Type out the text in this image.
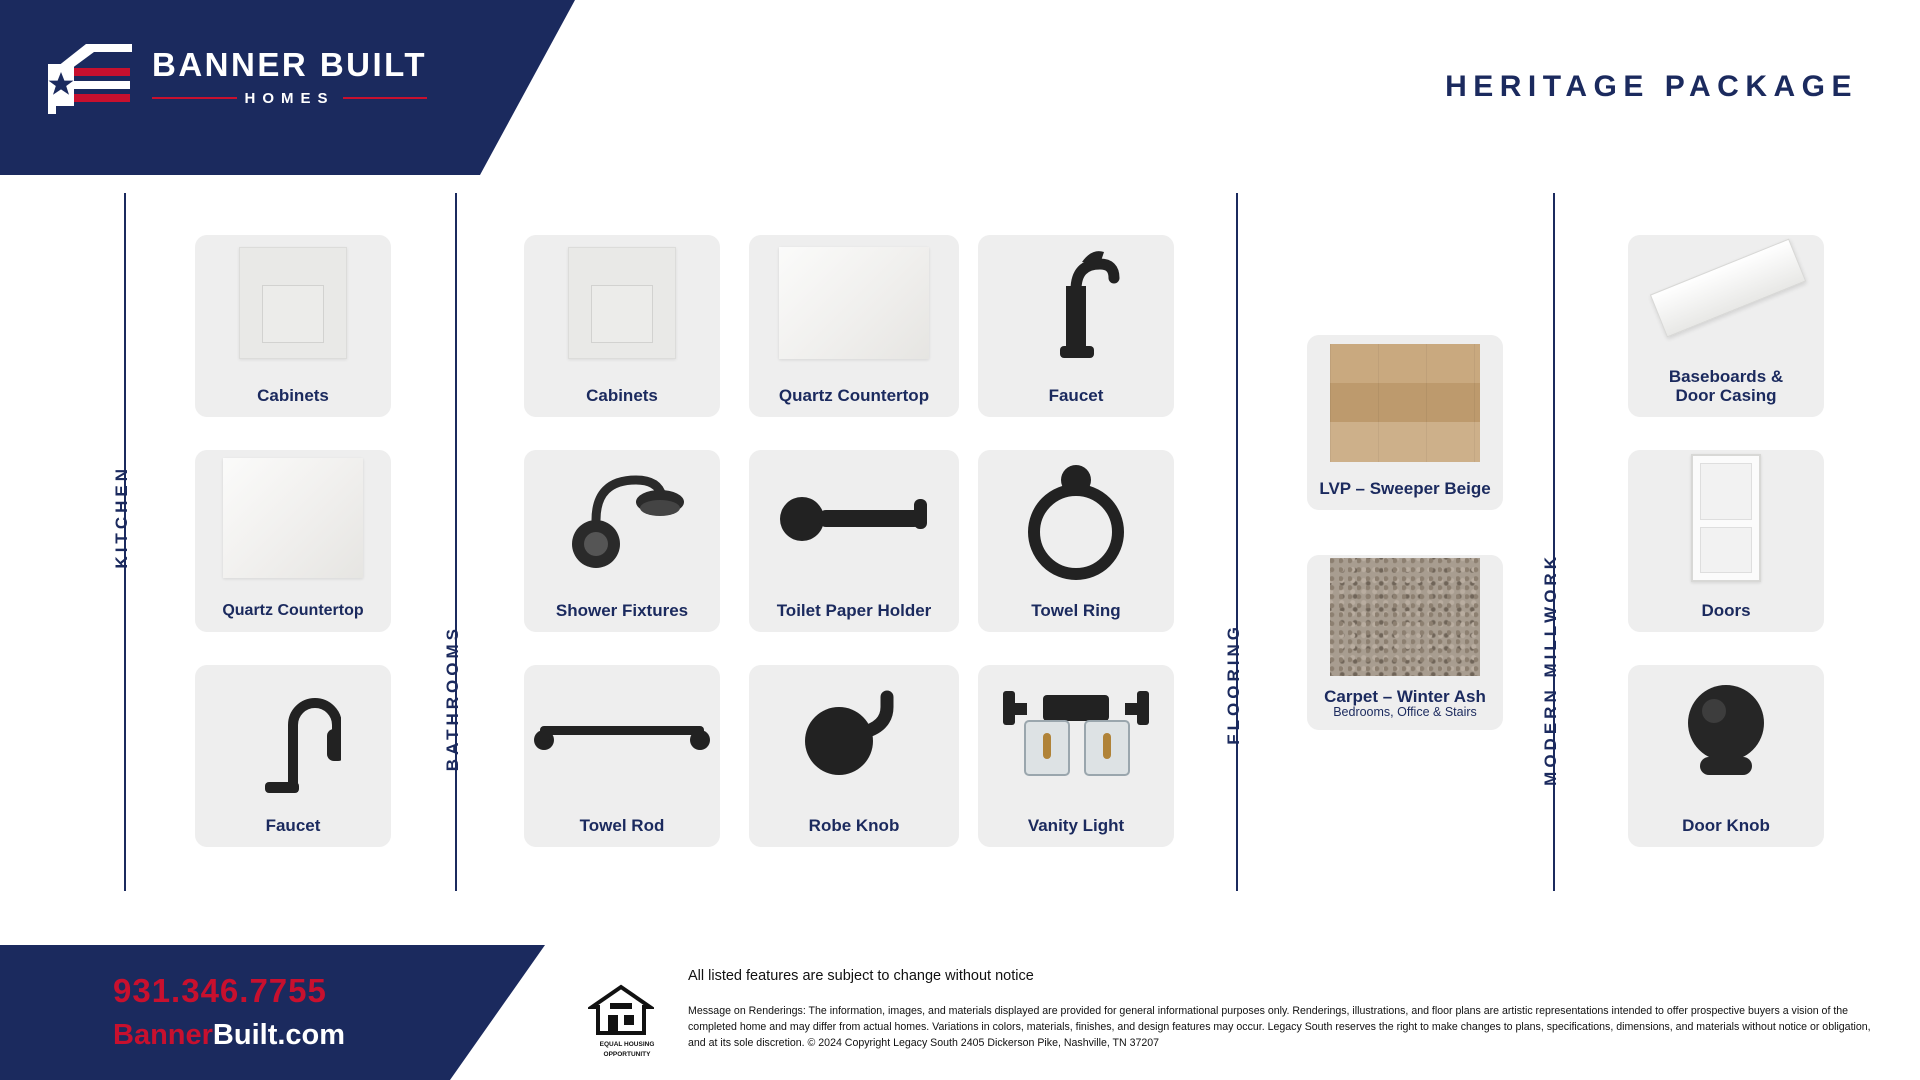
BANNER BUILT
HOMES	HERITAGE PACKAGE
KITCHEN
Cabinets
Quartz Countertop
Faucet
BATHROOMS
Cabinets	Quartz Countertop	Faucet
Shower Fixtures	Toilet Paper Holder	Towel Ring
Towel Rod	Robe Knob	Vanity Light
FLOORING
LVP – Sweeper Beige
Carpet – Winter Ash
Bedrooms, Office & Stairs	MODERN MILLWORK
Baseboards &
Door Casing
Doors
Door Knob
931.346.7755
BannerBuilt.com	EQUAL HOUSING
OPPORTUNITY
All listed features are subject to change without notice
Message on Renderings: The information, images, and materials displayed are provided for general informational purposes only. Renderings, illustrations, and floor plans are artistic representations intended to offer prospective buyers a vision of the completed home and may differ from actual homes. Variations in colors, materials, finishes, and design features may occur. Legacy South reserves the right to make changes to plans, specifications, dimensions, and materials without notice or obligation, and at its sole discretion. © 2024 Copyright Legacy South 2405 Dickerson Pike, Nashville, TN 37207
